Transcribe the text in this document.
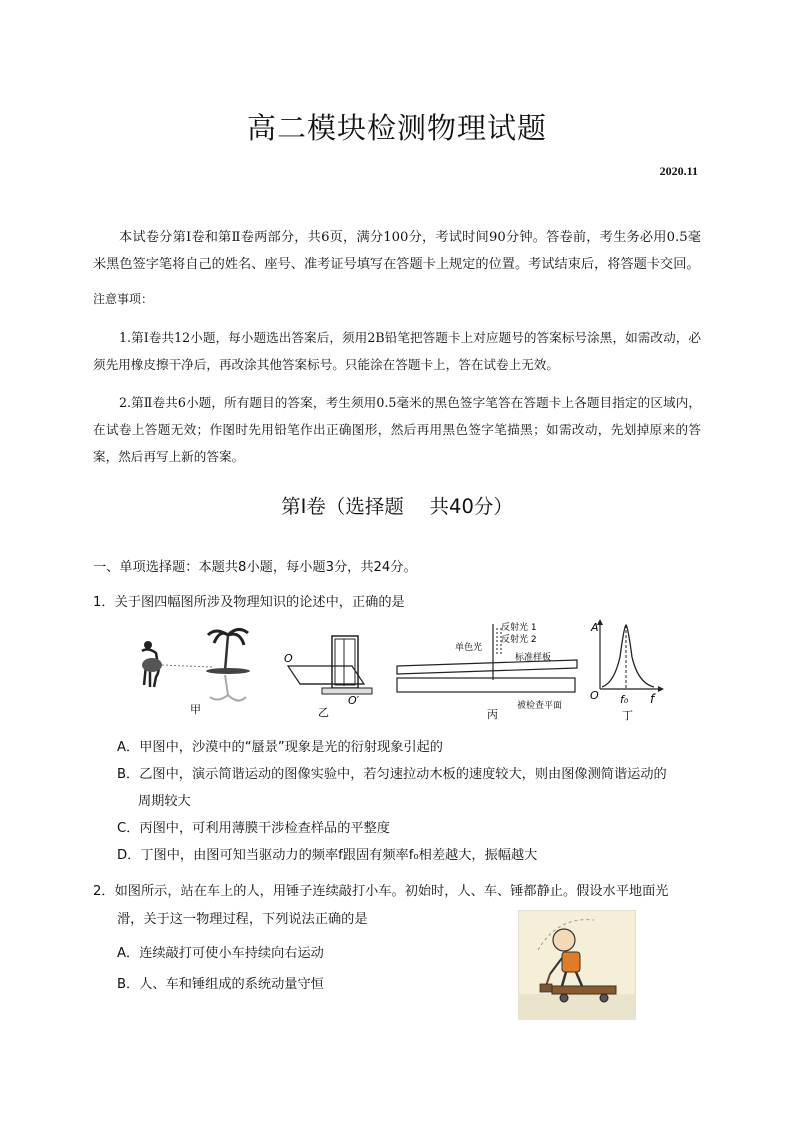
高二模块检测物理试题
2020.11
本试卷分第Ⅰ卷和第Ⅱ卷两部分，共6页，满分100分，考试时间90分钟。答卷前，考生务必用0.5毫米黑色签字笔将自己的姓名、座号、准考证号填写在答题卡上规定的位置。考试结束后，将答题卡交回。
注意事项：
1.第Ⅰ卷共12小题，每小题选出答案后，须用2B铅笔把答题卡上对应题号的答案标号涂黑，如需改动，必须先用橡皮擦干净后，再改涂其他答案标号。只能涂在答题卡上，答在试卷上无效。
2.第Ⅱ卷共6小题，所有题目的答案，考生须用0.5毫米的黑色签字笔答在答题卡上各题目指定的区域内，在试卷上答题无效；作图时先用铅笔作出正确图形，然后再用黑色签字笔描黑；如需改动，先划掉原来的答案，然后再写上新的答案。
第Ⅰ卷（选择题　 共40分）
一、单项选择题：本题共8小题，每小题3分，共24分。
1．关于图四幅图所涉及物理知识的论述中，正确的是
甲
O
O′
乙
单色光
反射光 1
反射光 2
标准样板
被检查平面
丙
A
f
O f₀
丁
A．甲图中，沙漠中的“蜃景”现象是光的衍射现象引起的
B．乙图中，演示简谐运动的图像实验中，若匀速拉动木板的速度较大，则由图像测简谐运动的
周期较大
C．丙图中，可利用薄膜干涉检查样品的平整度
D．丁图中，由图可知当驱动力的频率f跟固有频率f₀相差越大，振幅越大
2．如图所示，站在车上的人，用锤子连续敲打小车。初始时，人、车、锤都静止。假设水平地面光
滑，关于这一物理过程，下列说法正确的是
A．连续敲打可使小车持续向右运动
B．人、车和锤组成的系统动量守恒
